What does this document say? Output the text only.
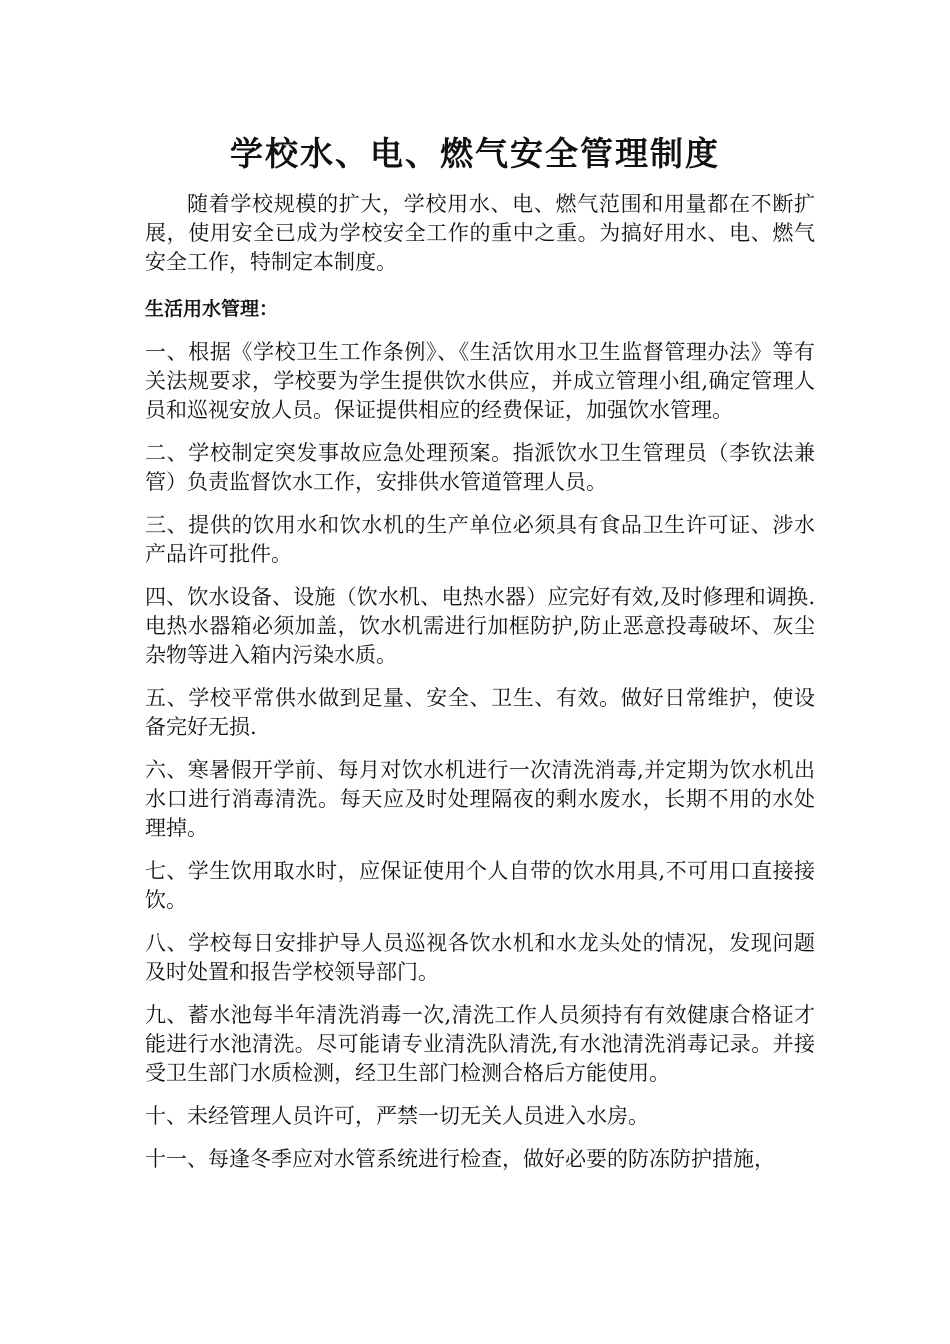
学校水、电、燃气安全管理制度

随着学校规模的扩大，学校用水、电、燃气范围和用量都在不断扩展，使用安全已成为学校安全工作的重中之重。为搞好用水、电、燃气安全工作，特制定本制度。

生活用水管理：

一、根据《学校卫生工作条例》、《生活饮用水卫生监督管理办法》等有关法规要求，学校要为学生提供饮水供应，并成立管理小组,确定管理人员和巡视安放人员。保证提供相应的经费保证，加强饮水管理。

二、学校制定突发事故应急处理预案。指派饮水卫生管理员（李钦法兼管）负责监督饮水工作，安排供水管道管理人员。

三、提供的饮用水和饮水机的生产单位必须具有食品卫生许可证、涉水产品许可批件。

四、饮水设备、设施（饮水机、电热水器）应完好有效,及时修理和调换.电热水器箱必须加盖，饮水机需进行加框防护,防止恶意投毒破坏、灰尘杂物等进入箱内污染水质。

五、学校平常供水做到足量、安全、卫生、有效。做好日常维护，使设备完好无损.

六、寒暑假开学前、每月对饮水机进行一次清洗消毒,并定期为饮水机出水口进行消毒清洗。每天应及时处理隔夜的剩水废水，长期不用的水处理掉。

七、学生饮用取水时，应保证使用个人自带的饮水用具,不可用口直接接饮。

八、学校每日安排护导人员巡视各饮水机和水龙头处的情况，发现问题及时处置和报告学校领导部门。

九、蓄水池每半年清洗消毒一次,清洗工作人员须持有有效健康合格证才能进行水池清洗。尽可能请专业清洗队清洗,有水池清洗消毒记录。并接受卫生部门水质检测，经卫生部门检测合格后方能使用。

十、未经管理人员许可，严禁一切无关人员进入水房。

十一、每逢冬季应对水管系统进行检查，做好必要的防冻防护措施，
